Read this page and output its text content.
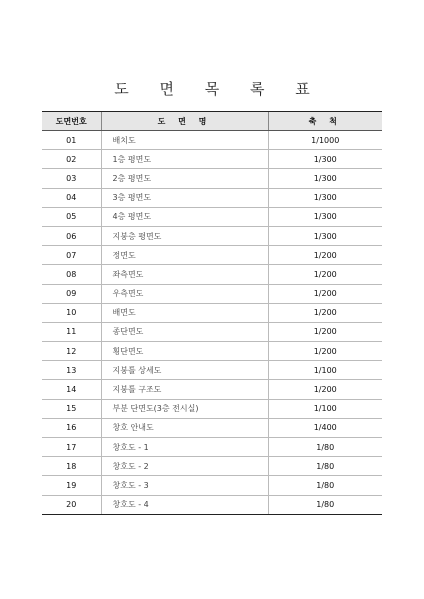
도 면 목 록 표
도면번호	도 면 명	축 척
01	배치도	1/1000
02	1층 평면도	1/300
03	2층 평면도	1/300
04	3층 평면도	1/300
05	4층 평면도	1/300
06	지붕층 평면도	1/300
07	정면도	1/200
08	좌측면도	1/200
09	우측면도	1/200
10	배면도	1/200
11	종단면도	1/200
12	횡단면도	1/200
13	지붕틀 상세도	1/100
14	지붕틀 구조도	1/200
15	부분 단면도(3층 전시실)	1/100
16	창호 안내도	1/400
17	창호도 - 1	1/80
18	창호도 - 2	1/80
19	창호도 - 3	1/80
20	창호도 - 4	1/80
